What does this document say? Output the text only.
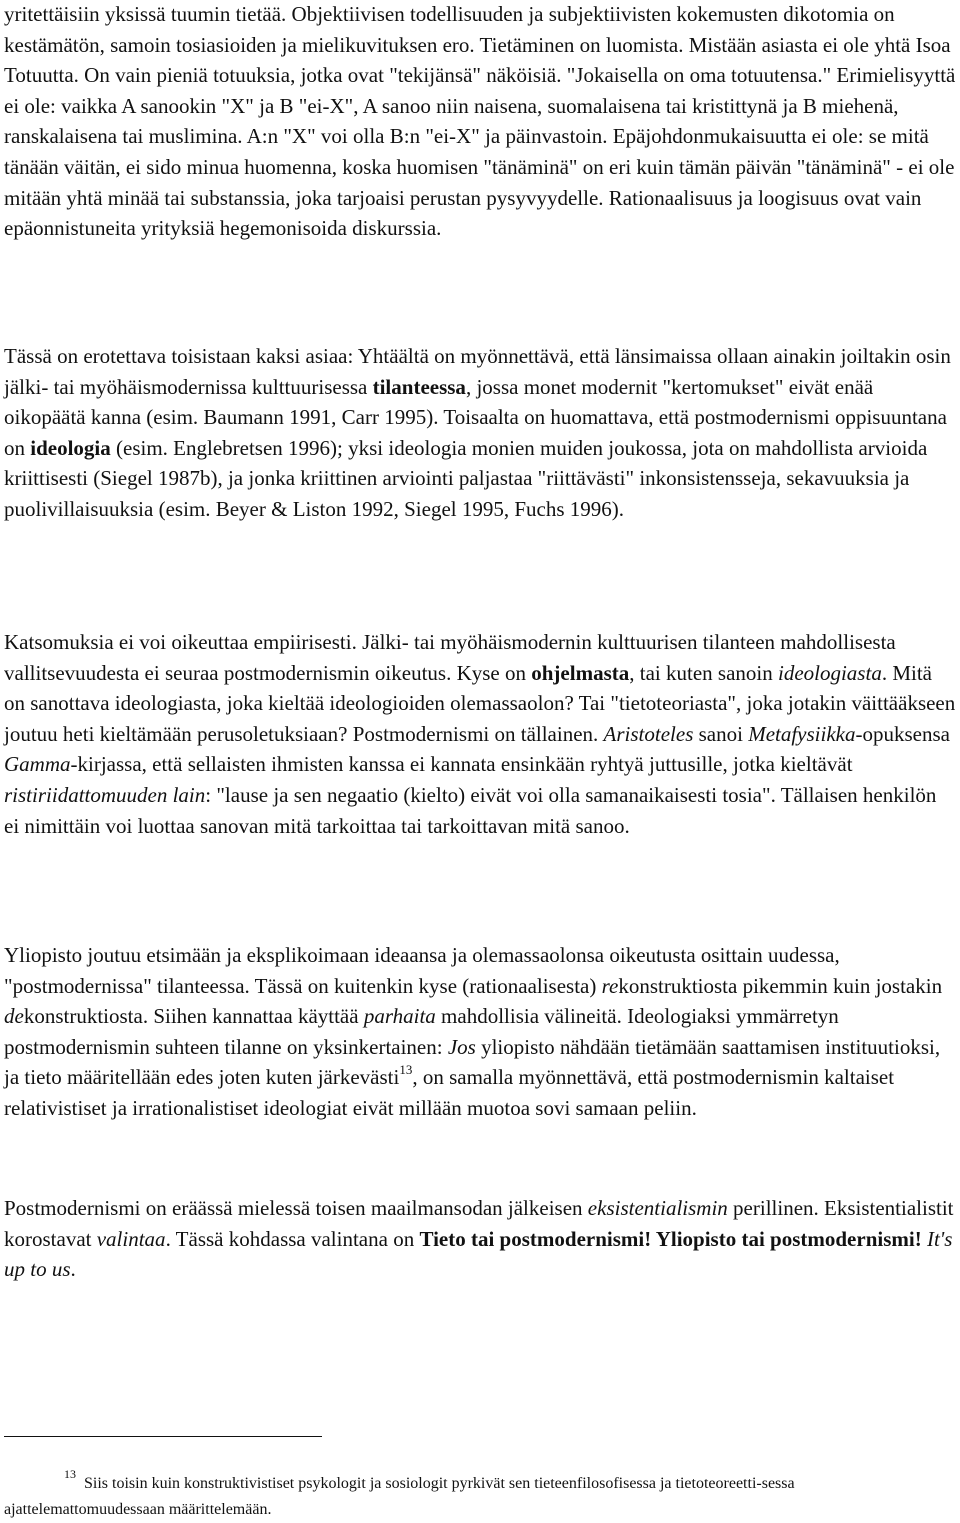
yritettäisiin yksissä tuumin tietää. Objektiivisen todellisuuden ja subjektiivisten kokemusten dikotomia on kestämätön, samoin tosiasioiden ja mielikuvituksen ero. Tietäminen on luomista. Mistään asiasta ei ole yhtä Isoa Totuutta. On vain pieniä totuuksia, jotka ovat "tekijänsä" näköisiä. "Jokaisella on oma totuutensa." Erimielisyyttä ei ole: vaikka A sanookin "X" ja B "ei-X", A sanoo niin naisena, suomalaisena tai kristittynä ja B miehenä, ranskalaisena tai muslimina. A:n "X" voi olla B:n "ei-X" ja päinvastoin. Epäjohdonmukaisuutta ei ole: se mitä tänään väitän, ei sido minua huomenna, koska huomisen "tänäminä" on eri kuin tämän päivän "tänäminä" - ei ole mitään yhtä minää tai substanssia, joka tarjoaisi perustan pysyvyydelle. Rationaalisuus ja loogisuus ovat vain epäonnistuneita yrityksiä hegemonisoida diskurssia.

Tässä on erotettava toisistaan kaksi asiaa: Yhtäältä on myönnettävä, että länsimaissa ollaan ainakin joiltakin osin jälki- tai myöhäismodernissa kulttuurisessa tilanteessa, jossa monet modernit "kertomukset" eivät enää oikopäätä kanna (esim. Baumann 1991, Carr 1995). Toisaalta on huomattava, että postmodernismi oppisuuntana on ideologia (esim. Englebretsen 1996); yksi ideologia monien muiden joukossa, jota on mahdollista arvioida kriittisesti (Siegel 1987b), ja jonka kriittinen arviointi paljastaa "riittävästi" inkonsistensseja, sekavuuksia ja puolivillaisuuksia (esim. Beyer & Liston 1992, Siegel 1995, Fuchs 1996).

Katsomuksia ei voi oikeuttaa empiirisesti. Jälki- tai myöhäismodernin kulttuurisen tilanteen mahdollisesta vallitsevuudesta ei seuraa postmodernismin oikeutus. Kyse on ohjelmasta, tai kuten sanoin ideologiasta. Mitä on sanottava ideologiasta, joka kieltää ideologioiden olemassaolon? Tai "tietoteoriasta", joka jotakin väittääkseen joutuu heti kieltämään perusoletuksiaan? Postmodernismi on tällainen. Aristoteles sanoi Metafysiikka-opuksensa Gamma-kirjassa, että sellaisten ihmisten kanssa ei kannata ensinkään ryhtyä juttusille, jotka kieltävät ristiriidattomuuden lain: "lause ja sen negaatio (kielto) eivät voi olla samanaikaisesti tosia". Tällaisen henkilön ei nimittäin voi luottaa sanovan mitä tarkoittaa tai tarkoittavan mitä sanoo.

Yliopisto joutuu etsimään ja eksplikoimaan ideaansa ja olemassaolonsa oikeutusta osittain uudessa, "postmodernissa" tilanteessa. Tässä on kuitenkin kyse (rationaalisesta) rekonstruktiosta pikemmin kuin jostakin dekonstruktiosta. Siihen kannattaa käyttää parhaita mahdollisia välineitä. Ideologiaksi ymmärretyn postmodernismin suhteen tilanne on yksinkertainen: Jos yliopisto nähdään tietämään saattamisen instituutioksi, ja tieto määritellään edes joten kuten järkevästi$^{13}$, on samalla myönnettävä, että postmodernismin kaltaiset relativistiset ja irrationalistiset ideologiat eivät millään muotoa sovi samaan peliin.

Postmodernismi on eräässä mielessä toisen maailmansodan jälkeisen eksistentialismin perillinen. Eksistentialistit korostavat valintaa. Tässä kohdassa valintana on Tieto tai postmodernismi! Yliopisto tai postmodernismi! It's up to us.

$^{13}$Siis toisin kuin konstruktivistiset psykologit ja sosiologit pyrkivät sen tieteenfilosofisessa ja tietoteoreetti-sessa ajattelemattomuudessaan määrittelemään.
